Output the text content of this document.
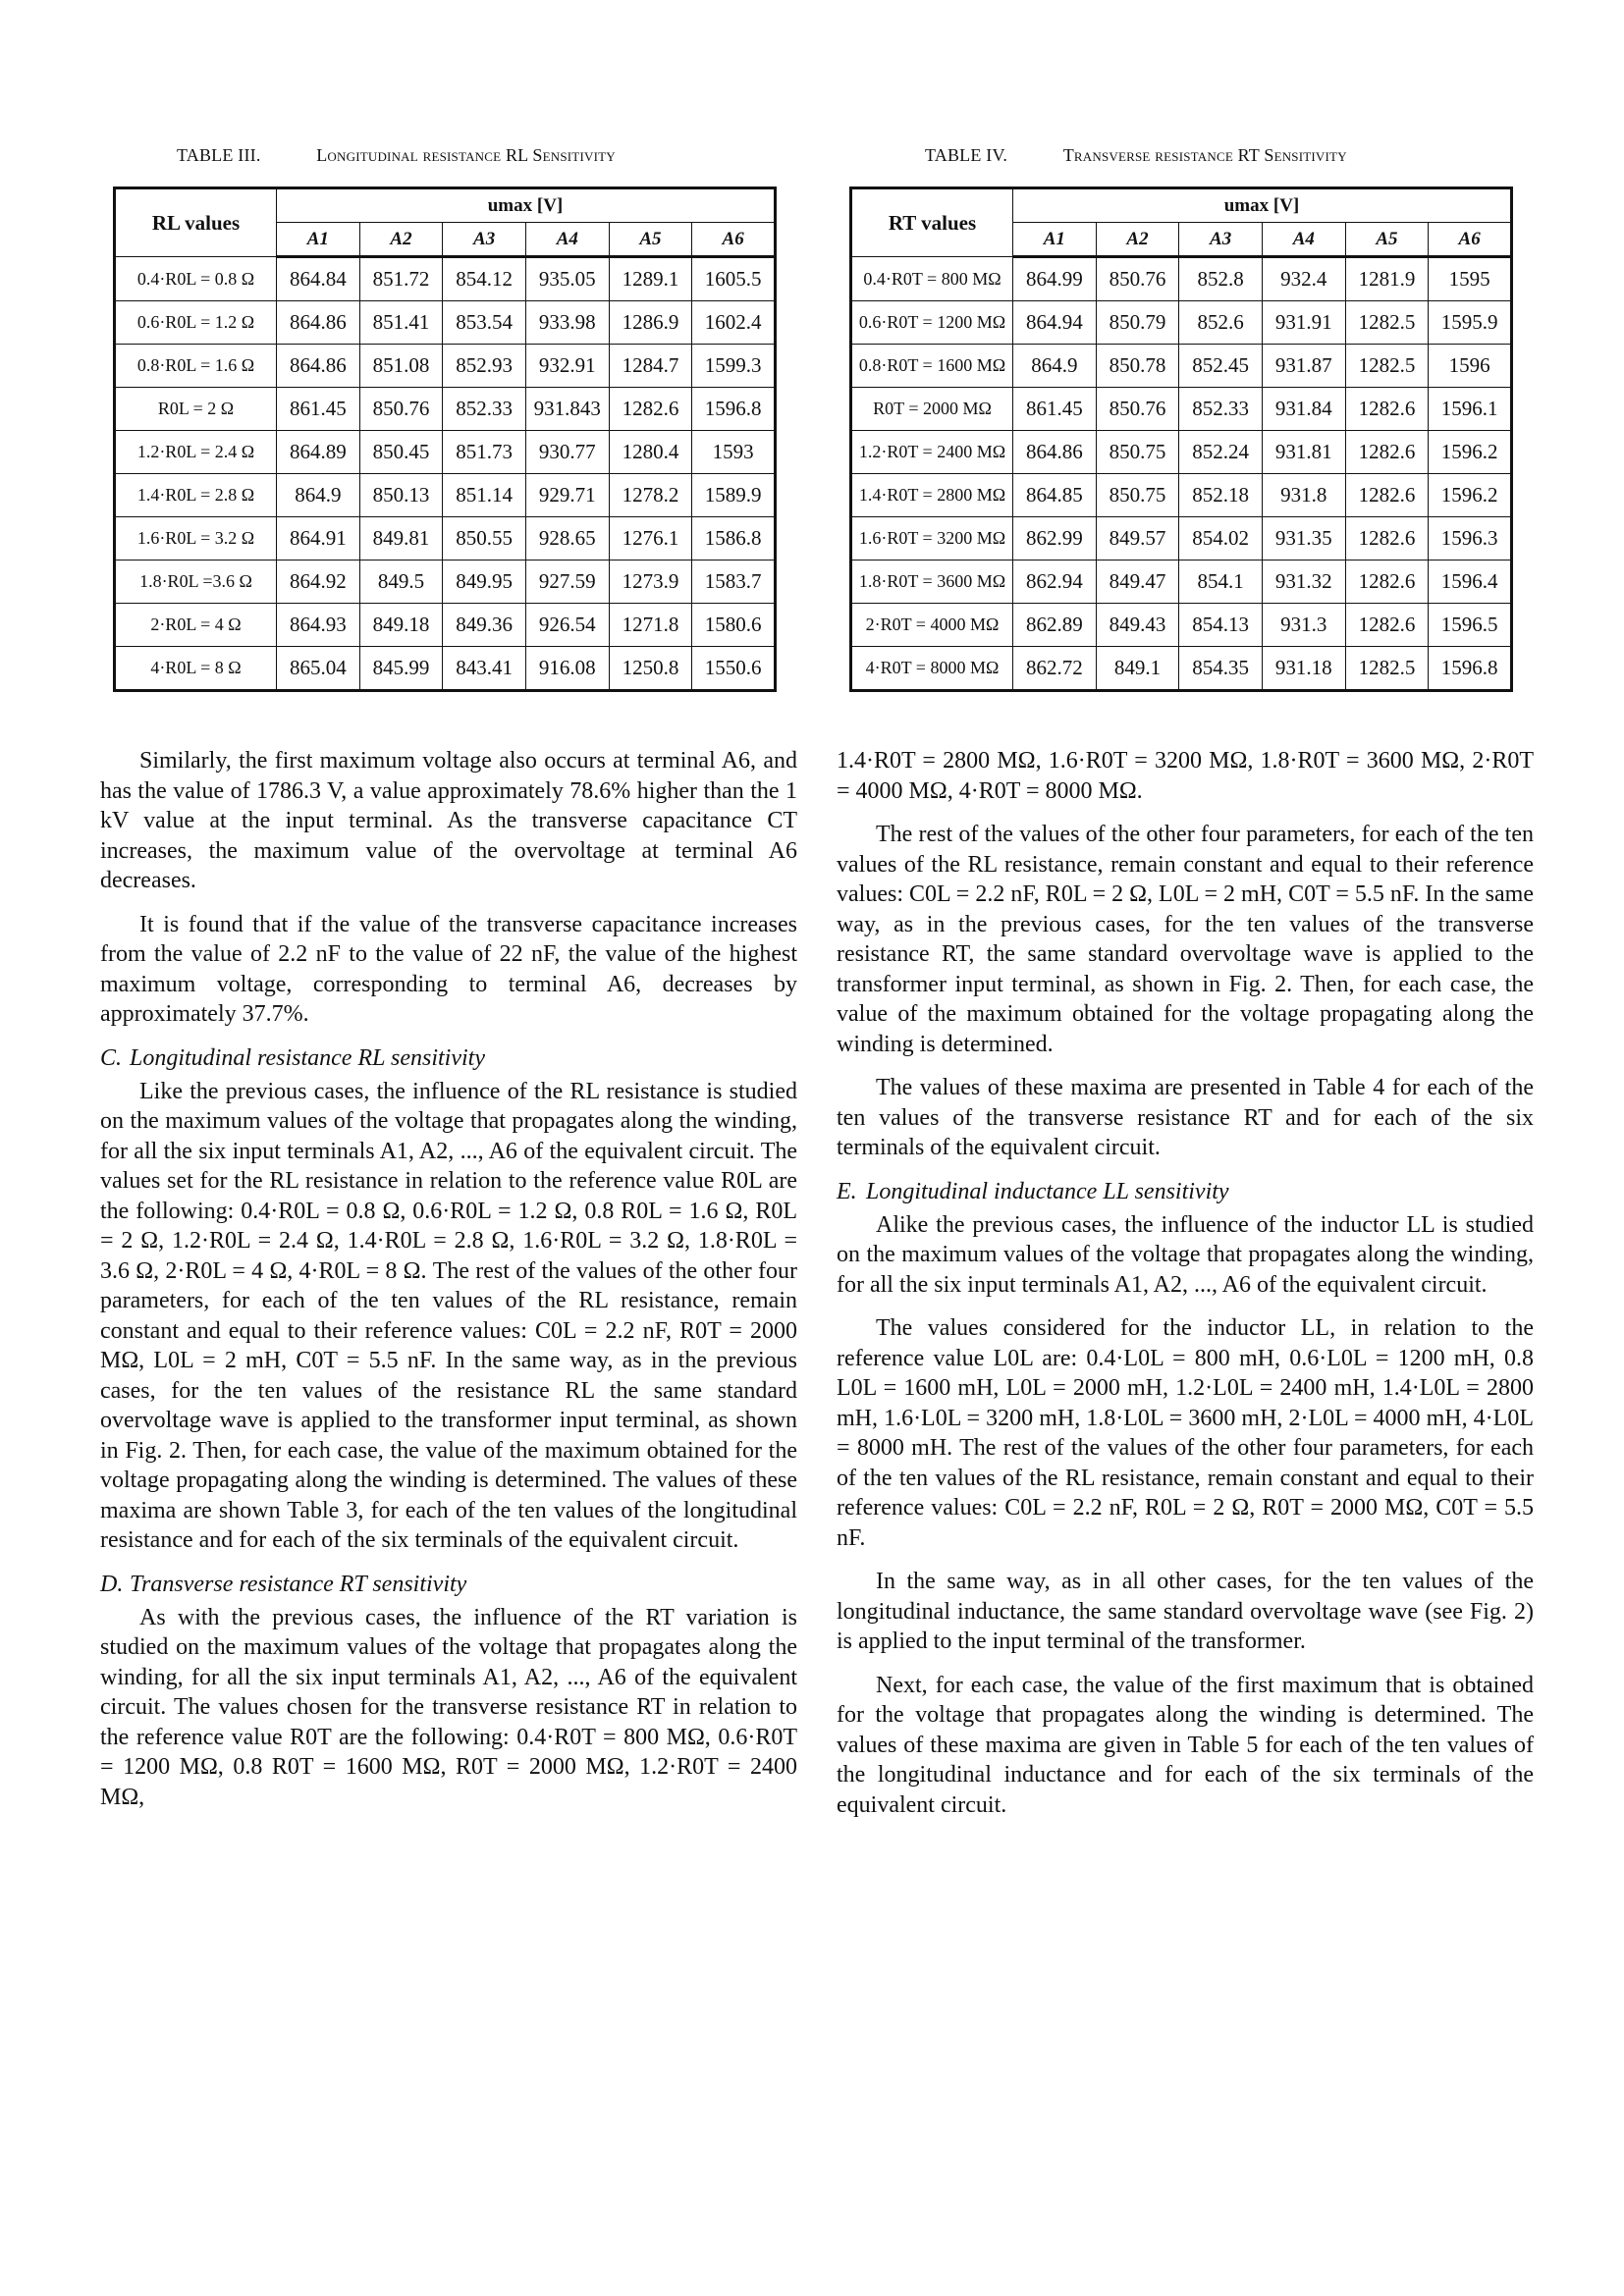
TABLE III.	Longitudinal resistance RL Sensitivity
RL values	umax [V]					
	A1	A2	A3	A4	A5	A6
0.4·R0L = 0.8 Ω	864.84	851.72	854.12	935.05	1289.1	1605.5
0.6·R0L = 1.2 Ω	864.86	851.41	853.54	933.98	1286.9	1602.4
0.8·R0L = 1.6 Ω	864.86	851.08	852.93	932.91	1284.7	1599.3
R0L = 2 Ω	861.45	850.76	852.33	931.843	1282.6	1596.8
1.2·R0L = 2.4 Ω	864.89	850.45	851.73	930.77	1280.4	1593
1.4·R0L = 2.8 Ω	864.9	850.13	851.14	929.71	1278.2	1589.9
1.6·R0L = 3.2 Ω	864.91	849.81	850.55	928.65	1276.1	1586.8
1.8·R0L =3.6 Ω	864.92	849.5	849.95	927.59	1273.9	1583.7
2·R0L = 4 Ω	864.93	849.18	849.36	926.54	1271.8	1580.6
4·R0L = 8 Ω	865.04	845.99	843.41	916.08	1250.8	1550.6
TABLE IV.	Transverse resistance RT Sensitivity
RT values	umax [V]					
	A1	A2	A3	A4	A5	A6
0.4·R0T = 800 MΩ	864.99	850.76	852.8	932.4	1281.9	1595
0.6·R0T = 1200 MΩ	864.94	850.79	852.6	931.91	1282.5	1595.9
0.8·R0T = 1600 MΩ	864.9	850.78	852.45	931.87	1282.5	1596
R0T = 2000 MΩ	861.45	850.76	852.33	931.84	1282.6	1596.1
1.2·R0T = 2400 MΩ	864.86	850.75	852.24	931.81	1282.6	1596.2
1.4·R0T = 2800 MΩ	864.85	850.75	852.18	931.8	1282.6	1596.2
1.6·R0T = 3200 MΩ	862.99	849.57	854.02	931.35	1282.6	1596.3
1.8·R0T = 3600 MΩ	862.94	849.47	854.1	931.32	1282.6	1596.4
2·R0T = 4000 MΩ	862.89	849.43	854.13	931.3	1282.6	1596.5
4·R0T = 8000 MΩ	862.72	849.1	854.35	931.18	1282.5	1596.8

Similarly, the first maximum voltage also occurs at terminal A6, and has the value of 1786.3 V, a value approximately 78.6% higher than the 1 kV value at the input terminal. As the transverse capacitance CT increases, the maximum value of the overvoltage at terminal A6 decreases.

It is found that if the value of the transverse capacitance increases from the value of 2.2 nF to the value of 22 nF, the value of the highest maximum voltage, corresponding to terminal A6, decreases by approximately 37.7%.

C. Longitudinal resistance RL sensitivity

Like the previous cases, the influence of the RL resistance is studied on the maximum values of the voltage that propagates along the winding, for all the six input terminals A1, A2, ..., A6 of the equivalent circuit. The values set for the RL resistance in relation to the reference value R0L are the following: 0.4·R0L = 0.8 Ω, 0.6·R0L = 1.2 Ω, 0.8 R0L = 1.6 Ω, R0L = 2 Ω, 1.2·R0L = 2.4 Ω, 1.4·R0L = 2.8 Ω, 1.6·R0L = 3.2 Ω, 1.8·R0L = 3.6 Ω, 2·R0L = 4 Ω, 4·R0L = 8 Ω. The rest of the values of the other four parameters, for each of the ten values of the RL resistance, remain constant and equal to their reference values: C0L = 2.2 nF, R0T = 2000 MΩ, L0L = 2 mH, C0T = 5.5 nF. In the same way, as in the previous cases, for the ten values of the resistance RL the same standard overvoltage wave is applied to the transformer input terminal, as shown in Fig. 2. Then, for each case, the value of the maximum obtained for the voltage propagating along the winding is determined. The values of these maxima are shown Table 3, for each of the ten values of the longitudinal resistance and for each of the six terminals of the equivalent circuit.

D. Transverse resistance RT sensitivity

As with the previous cases, the influence of the RT variation is studied on the maximum values of the voltage that propagates along the winding, for all the six input terminals A1, A2, ..., A6 of the equivalent circuit. The values chosen for the transverse resistance RT in relation to the reference value R0T are the following: 0.4·R0T = 800 MΩ, 0.6·R0T = 1200 MΩ, 0.8 R0T = 1600 MΩ, R0T = 2000 MΩ, 1.2·R0T = 2400 MΩ,

1.4·R0T = 2800 MΩ, 1.6·R0T = 3200 MΩ, 1.8·R0T = 3600 MΩ, 2·R0T = 4000 MΩ, 4·R0T = 8000 MΩ.

The rest of the values of the other four parameters, for each of the ten values of the RL resistance, remain constant and equal to their reference values: C0L = 2.2 nF, R0L = 2 Ω, L0L = 2 mH, C0T = 5.5 nF. In the same way, as in the previous cases, for the ten values of the transverse resistance RT, the same standard overvoltage wave is applied to the transformer input terminal, as shown in Fig. 2. Then, for each case, the value of the maximum obtained for the voltage propagating along the winding is determined.

The values of these maxima are presented in Table 4 for each of the ten values of the transverse resistance RT and for each of the six terminals of the equivalent circuit.

E. Longitudinal inductance LL sensitivity

Alike the previous cases, the influence of the inductor LL is studied on the maximum values of the voltage that propagates along the winding, for all the six input terminals A1, A2, ..., A6 of the equivalent circuit.

The values considered for the inductor LL, in relation to the reference value L0L are: 0.4·L0L = 800 mH, 0.6·L0L = 1200 mH, 0.8 L0L = 1600 mH, L0L = 2000 mH, 1.2·L0L = 2400 mH, 1.4·L0L = 2800 mH, 1.6·L0L = 3200 mH, 1.8·L0L = 3600 mH, 2·L0L = 4000 mH, 4·L0L = 8000 mH. The rest of the values of the other four parameters, for each of the ten values of the RL resistance, remain constant and equal to their reference values: C0L = 2.2 nF, R0L = 2 Ω, R0T = 2000 MΩ, C0T = 5.5 nF.

In the same way, as in all other cases, for the ten values of the longitudinal inductance, the same standard overvoltage wave (see Fig. 2) is applied to the input terminal of the transformer.

Next, for each case, the value of the first maximum that is obtained for the voltage that propagates along the winding is determined. The values of these maxima are given in Table 5 for each of the ten values of the longitudinal inductance and for each of the six terminals of the equivalent circuit.
